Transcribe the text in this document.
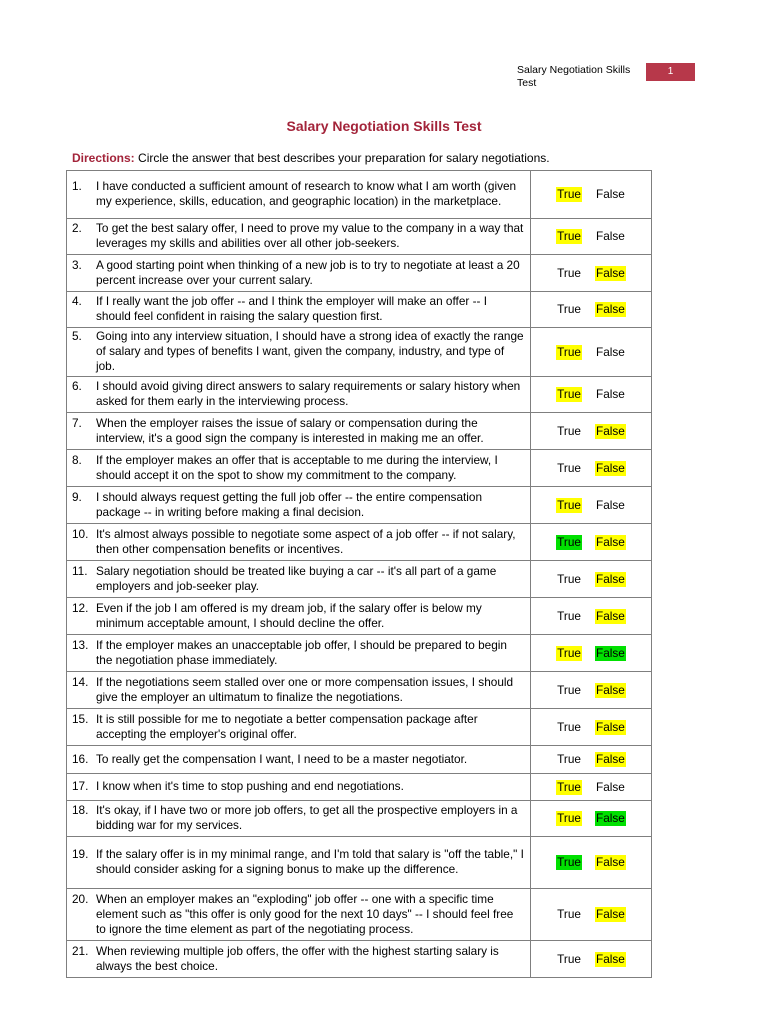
Salary Negotiation Skills Test
1
Salary Negotiation Skills Test
Directions: Circle the answer that best describes your preparation for salary negotiations.
1. I have conducted a sufficient amount of research to know what I am worth (given my experience, skills, education, and geographic location) in the marketplace.	True False

2. To get the best salary offer, I need to prove my value to the company in a way that leverages my skills and abilities over all other job-seekers.	True False

3. A good starting point when thinking of a new job is to try to negotiate at least a 20 percent increase over your current salary.	True False

4. If I really want the job offer -- and I think the employer will make an offer -- I should feel confident in raising the salary question first.	True False

5. Going into any interview situation, I should have a strong idea of exactly the range of salary and types of benefits I want, given the company, industry, and type of job.	True False

6. I should avoid giving direct answers to salary requirements or salary history when asked for them early in the interviewing process.	True False

7. When the employer raises the issue of salary or compensation during the interview, it's a good sign the company is interested in making me an offer.	True False

8. If the employer makes an offer that is acceptable to me during the interview, I should accept it on the spot to show my commitment to the company.	True False

9. I should always request getting the full job offer -- the entire compensation package -- in writing before making a final decision.	True False

10. It's almost always possible to negotiate some aspect of a job offer -- if not salary, then other compensation benefits or incentives.	True False

11. Salary negotiation should be treated like buying a car -- it's all part of a game employers and job-seeker play.	True False

12. Even if the job I am offered is my dream job, if the salary offer is below my minimum acceptable amount, I should decline the offer.	True False

13. If the employer makes an unacceptable job offer, I should be prepared to begin the negotiation phase immediately.	True False

14. If the negotiations seem stalled over one or more compensation issues, I should give the employer an ultimatum to finalize the negotiations.	True False

15. It is still possible for me to negotiate a better compensation package after accepting the employer's original offer.	True False

16. To really get the compensation I want, I need to be a master negotiator.	True False

17. I know when it's time to stop pushing and end negotiations.	True False

18. It's okay, if I have two or more job offers, to get all the prospective employers in a bidding war for my services.	True False

19. If the salary offer is in my minimal range, and I'm told that salary is "off the table," I should consider asking for a signing bonus to make up the difference.	True False

20. When an employer makes an "exploding" job offer -- one with a specific time element such as "this offer is only good for the next 10 days" -- I should feel free to ignore the time element as part of the negotiating process.	True False

21. When reviewing multiple job offers, the offer with the highest starting salary is always the best choice.	True False
